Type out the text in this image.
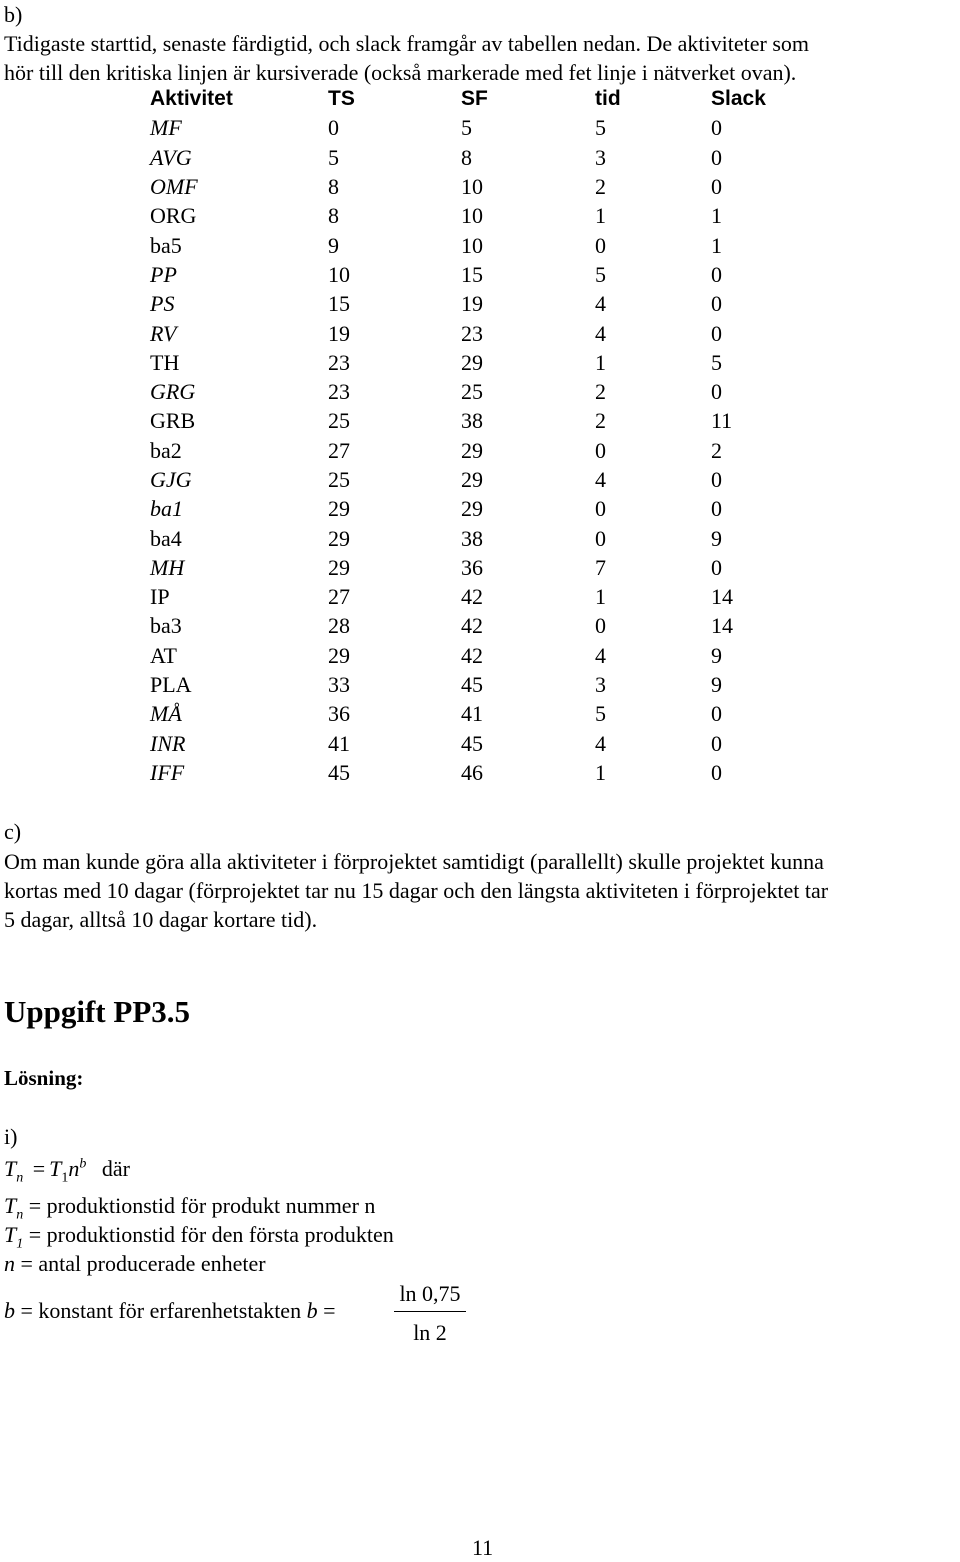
b)
Tidigaste starttid, senaste färdigtid, och slack framgår av tabellen nedan. De aktiviteter som
hör till den kritiska linjen är kursiverade (också markerade med fet linje i nätverket ovan).
Aktivitet	TS	SF	tid	Slack
MF	0	5	5	0
AVG	5	8	3	0
OMF	8	10	2	0
ORG	8	10	1	1
ba5	9	10	0	1
PP	10	15	5	0
PS	15	19	4	0
RV	19	23	4	0
TH	23	29	1	5
GRG	23	25	2	0
GRB	25	38	2	11
ba2	27	29	0	2
GJG	25	29	4	0
ba1	29	29	0	0
ba4	29	38	0	9
MH	29	36	7	0
IP	27	42	1	14
ba3	28	42	0	14
AT	29	42	4	9
PLA	33	45	3	9
MÅ	36	41	5	0
INR	41	45	4	0
IFF	45	46	1	0
c)
Om man kunde göra alla aktiviteter i förprojektet samtidigt (parallellt) skulle projektet kunna
kortas med 10 dagar (förprojektet tar nu 15 dagar och den längsta aktiviteten i förprojektet tar
5 dagar, alltså 10 dagar kortare tid).
Uppgift PP3.5
Lösning:
i)
$T_n = T_1n^b$ där
$T_n$ = produktionstid för produkt nummer n
$T_1$ = produktionstid för den första produkten
n = antal producerade enheter
b = konstant för erfarenhetstakten b =
ln 0,75
ln 2
11
